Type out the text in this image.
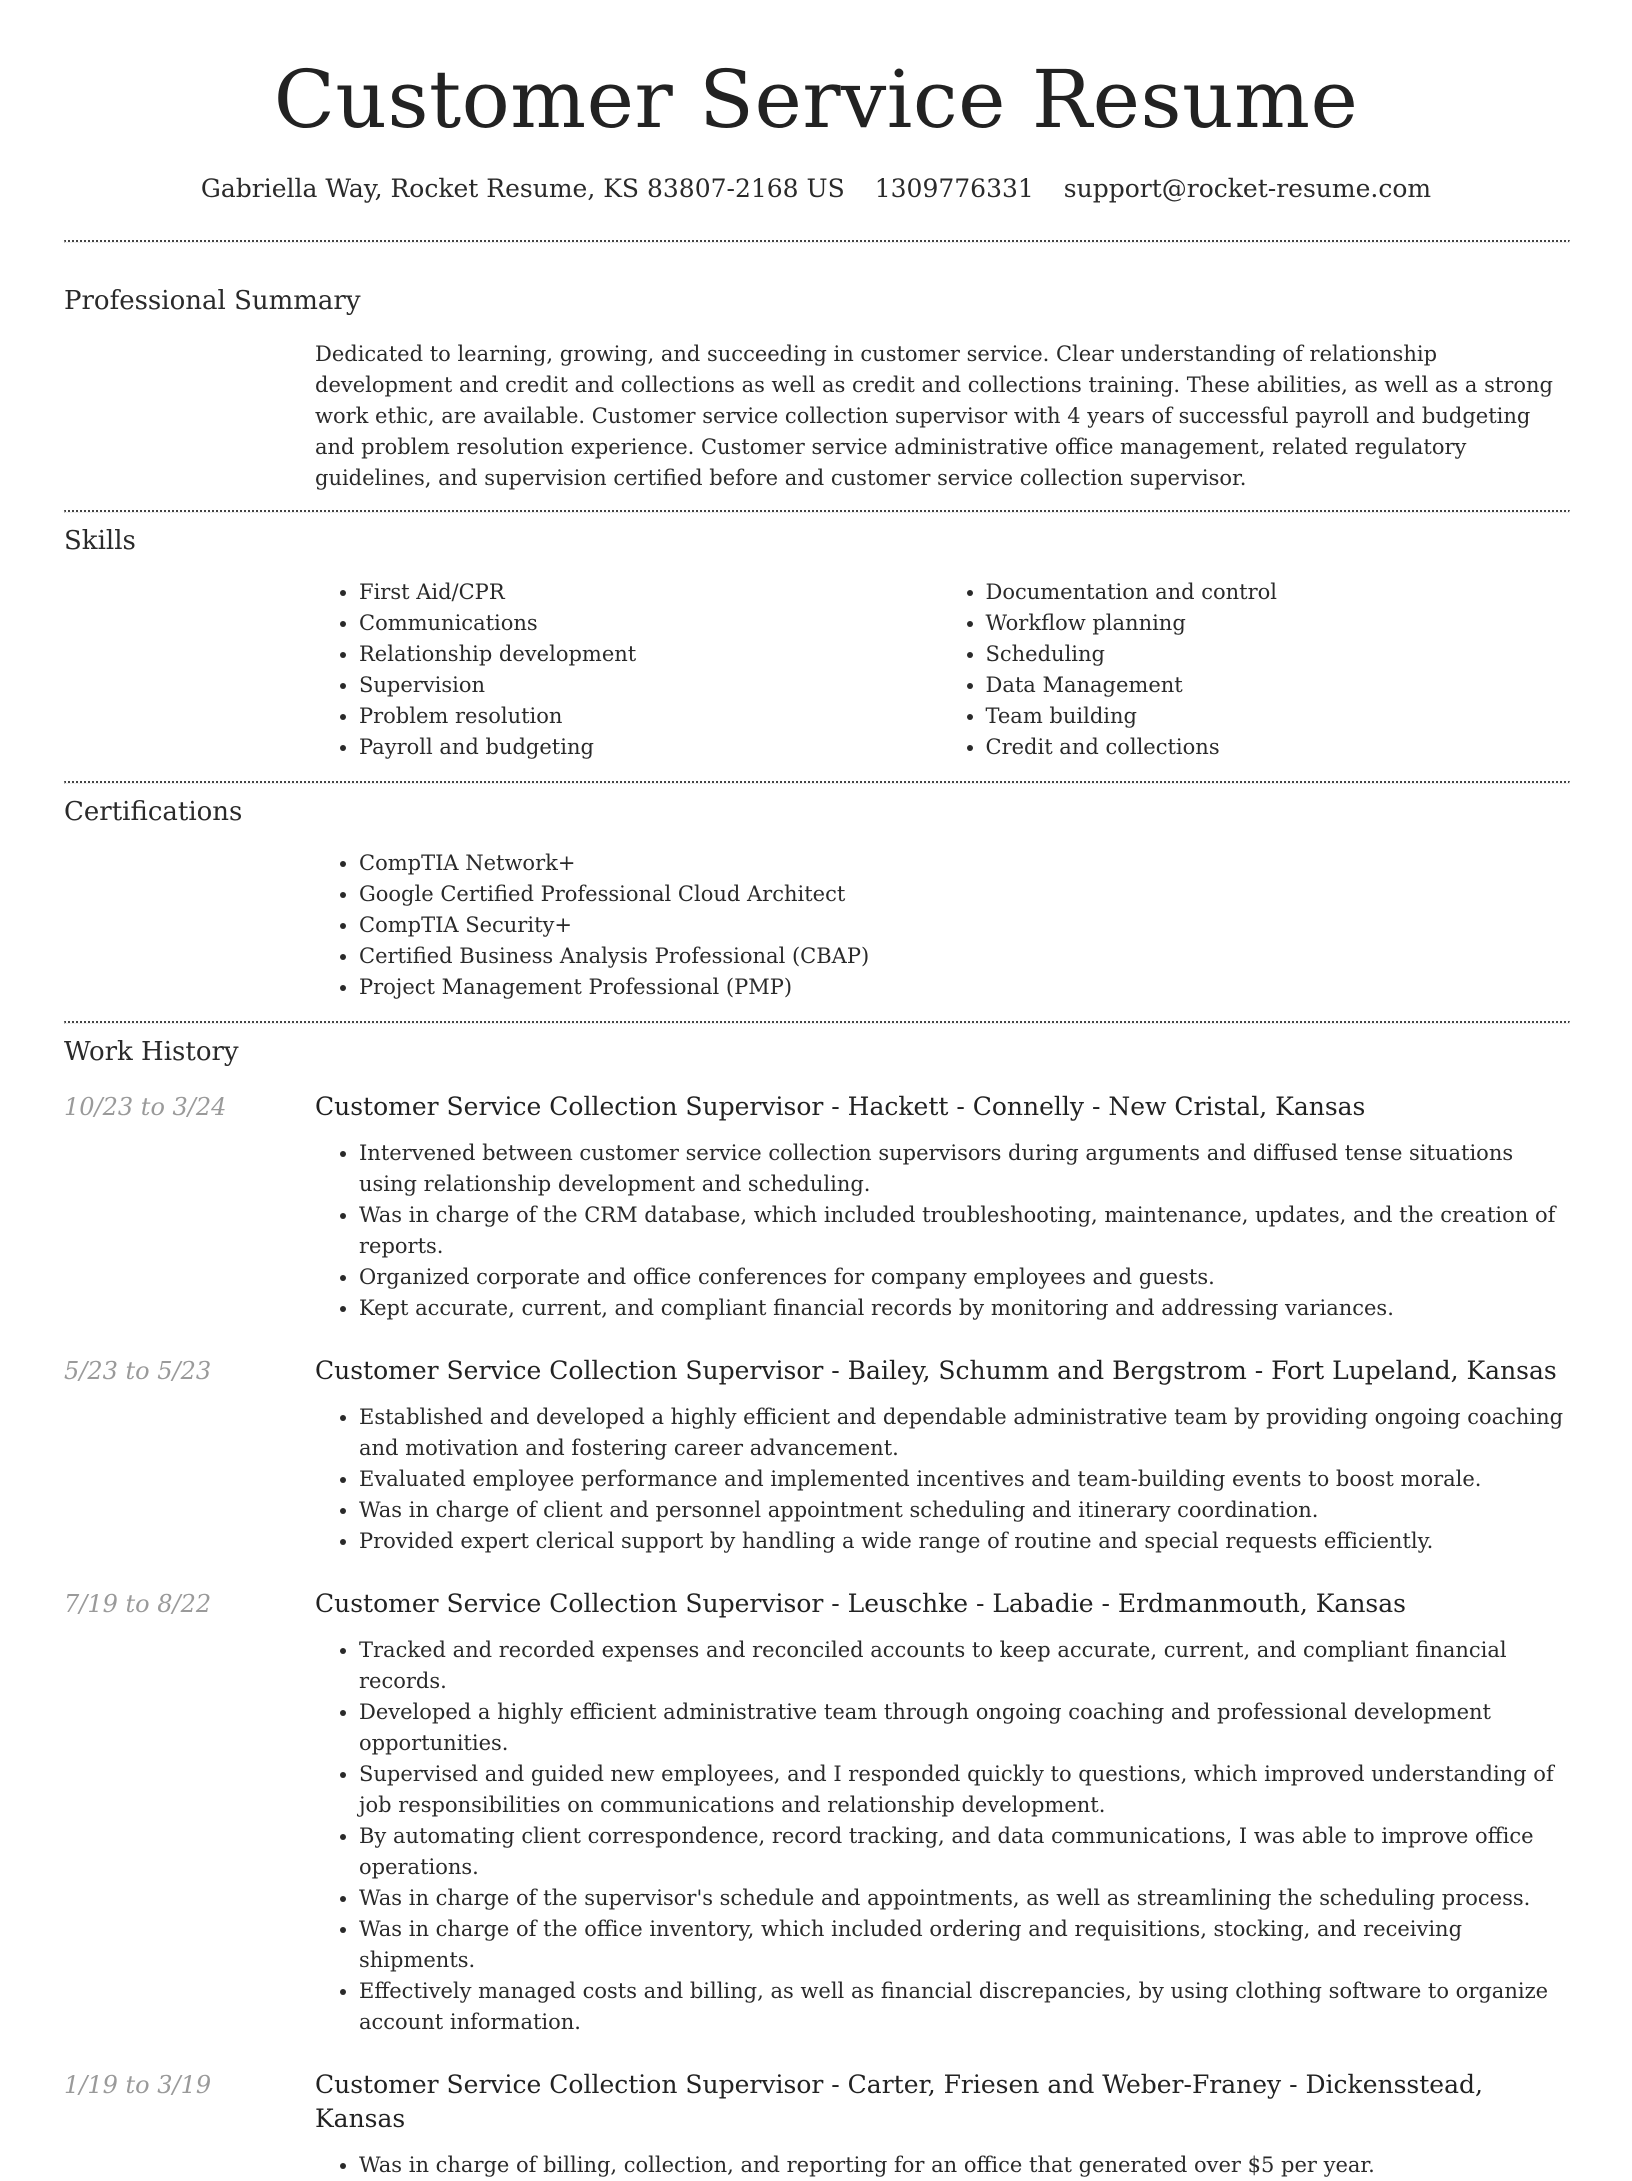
Customer Service Resume
Gabriella Way, Rocket Resume, KS 83807-2168 US 1309776331 support@rocket-resume.com
Professional Summary

Dedicated to learning, growing, and succeeding in customer service. Clear understanding of relationship development and credit and collections as well as credit and collections training. These abilities, as well as a strong work ethic, are available. Customer service collection supervisor with 4 years of successful payroll and budgeting and problem resolution experience. Customer service administrative office management, related regulatory guidelines, and supervision certified before and customer service collection supervisor.

Skills
• First Aid/CPR
• Communications
• Relationship development
• Supervision
• Problem resolution
• Payroll and budgeting
• Documentation and control
• Workflow planning
• Scheduling
• Data Management
• Team building
• Credit and collections
Certifications
• CompTIA Network+
• Google Certified Professional Cloud Architect
• CompTIA Security+
• Certified Business Analysis Professional (CBAP)
• Project Management Professional (PMP)
Work History
10/23 to 3/24	Customer Service Collection Supervisor - Hackett - Connelly - New Cristal, Kansas
• Intervened between customer service collection supervisors during arguments and diffused tense situations using relationship development and scheduling.
• Was in charge of the CRM database, which included troubleshooting, maintenance, updates, and the creation of reports.
• Organized corporate and office conferences for company employees and guests.
• Kept accurate, current, and compliant financial records by monitoring and addressing variances.
5/23 to 5/23	Customer Service Collection Supervisor - Bailey, Schumm and Bergstrom - Fort Lupeland, Kansas
• Established and developed a highly efficient and dependable administrative team by providing ongoing coaching and motivation and fostering career advancement.
• Evaluated employee performance and implemented incentives and team-building events to boost morale.
• Was in charge of client and personnel appointment scheduling and itinerary coordination.
• Provided expert clerical support by handling a wide range of routine and special requests efficiently.
7/19 to 8/22	Customer Service Collection Supervisor - Leuschke - Labadie - Erdmanmouth, Kansas
• Tracked and recorded expenses and reconciled accounts to keep accurate, current, and compliant financial records.
• Developed a highly efficient administrative team through ongoing coaching and professional development opportunities.
• Supervised and guided new employees, and I responded quickly to questions, which improved understanding of job responsibilities on communications and relationship development.
• By automating client correspondence, record tracking, and data communications, I was able to improve office operations.
• Was in charge of the supervisor's schedule and appointments, as well as streamlining the scheduling process.
• Was in charge of the office inventory, which included ordering and requisitions, stocking, and receiving shipments.
• Effectively managed costs and billing, as well as financial discrepancies, by using clothing software to organize account information.
1/19 to 3/19	Customer Service Collection Supervisor - Carter, Friesen and Weber-Franey - Dickensstead, Kansas
• Was in charge of billing, collection, and reporting for an office that generated over $5 per year.
